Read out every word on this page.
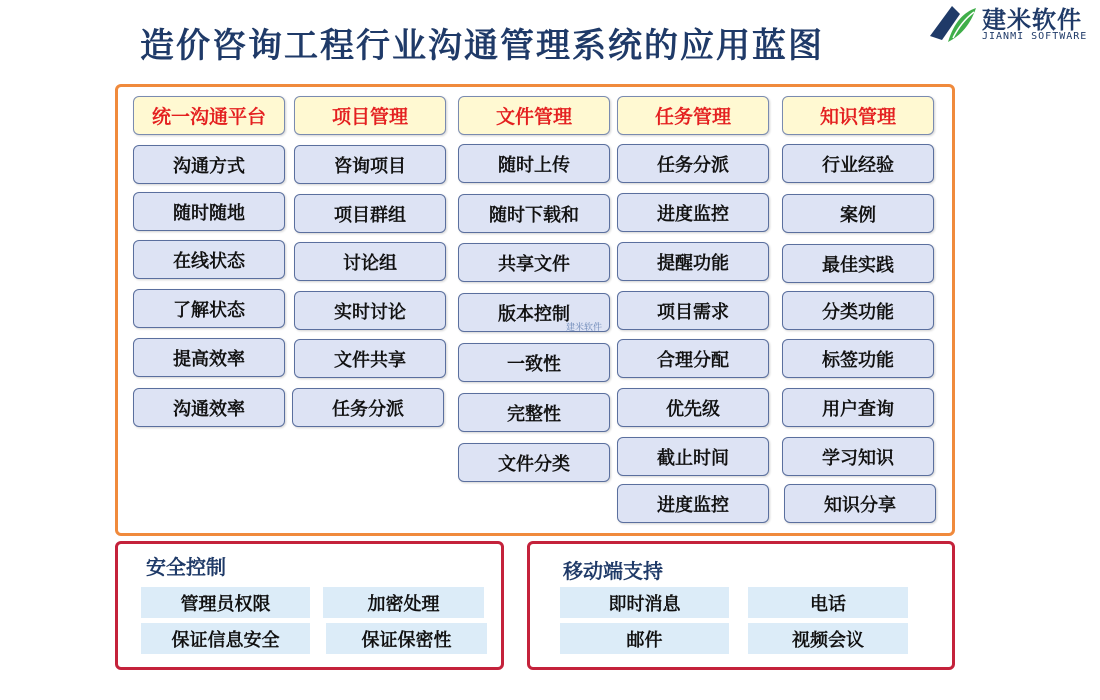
造价咨询工程行业沟通管理系统的应用蓝图
建米软件
JIANMI SOFTWARE
统一沟通平台
沟通方式
随时随地
在线状态
了解状态
提高效率
沟通效率
项目管理
咨询项目
项目群组
讨论组
实时讨论
文件共享
任务分派
文件管理
随时上传
随时下载和
共享文件
版本控制
一致性
完整性
文件分类
任务管理
任务分派
进度监控
提醒功能
项目需求
合理分配
优先级
截止时间
进度监控
知识管理
行业经验
案例
最佳实践
分类功能
标签功能
用户查询
学习知识
知识分享
建米软件
安全控制
管理员权限	加密处理
保证信息安全	保证保密性
移动端支持
即时消息	电话
邮件	视频会议
